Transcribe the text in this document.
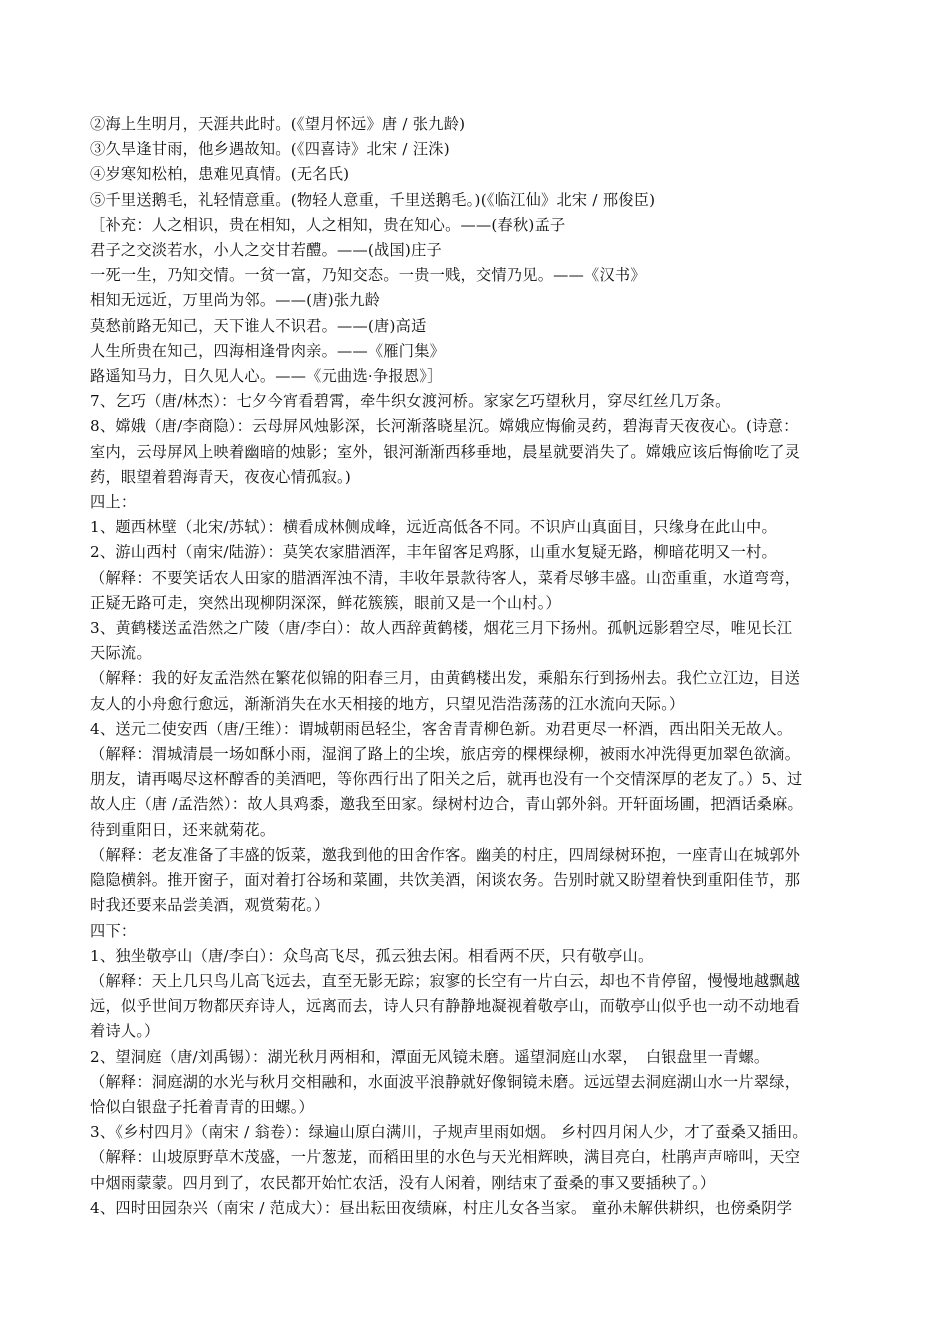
②海上生明月，天涯共此时。(《望月怀远》唐 / 张九龄)
③久旱逢甘雨，他乡遇故知。(《四喜诗》北宋 / 汪洙)
④岁寒知松柏，患难见真情。(无名氏)
⑤千里送鹅毛，礼轻情意重。(物轻人意重，千里送鹅毛。)(《临江仙》北宋 / 邢俊臣)
［补充：人之相识，贵在相知，人之相知，贵在知心。——(春秋)孟子
君子之交淡若水，小人之交甘若醴。——(战国)庄子
一死一生，乃知交情。一贫一富，乃知交态。一贵一贱，交情乃见。——《汉书》
相知无远近，万里尚为邻。——(唐)张九龄
莫愁前路无知己，天下谁人不识君。——(唐)高适
人生所贵在知己，四海相逢骨肉亲。——《雁门集》
路遥知马力，日久见人心。——《元曲选·争报恩》］
7、乞巧（唐/林杰）：七夕今宵看碧霄，牵牛织女渡河桥。家家乞巧望秋月，穿尽红丝几万条。
8、嫦娥（唐/李商隐）：云母屏风烛影深，长河渐落晓星沉。嫦娥应悔偷灵药，碧海青天夜夜心。(诗意：
室内，云母屏风上映着幽暗的烛影；室外，银河渐渐西移垂地，晨星就要消失了。嫦娥应该后悔偷吃了灵
药，眼望着碧海青天，夜夜心情孤寂。)
四上：
1、题西林壁（北宋/苏轼）：横看成林侧成峰，远近高低各不同。不识庐山真面目，只缘身在此山中。
2、游山西村（南宋/陆游）：莫笑农家腊酒浑，丰年留客足鸡豚，山重水复疑无路，柳暗花明又一村。
（解释：不要笑话农人田家的腊酒浑浊不清，丰收年景款待客人，菜肴尽够丰盛。山峦重重，水道弯弯，
正疑无路可走，突然出现柳阴深深，鲜花簇簇，眼前又是一个山村。）
3、黄鹤楼送孟浩然之广陵（唐/李白）：故人西辞黄鹤楼，烟花三月下扬州。孤帆远影碧空尽，唯见长江
天际流。
（解释：我的好友孟浩然在繁花似锦的阳春三月，由黄鹤楼出发，乘船东行到扬州去。我伫立江边，目送
友人的小舟愈行愈远，渐渐消失在水天相接的地方，只望见浩浩荡荡的江水流向天际。）
4、送元二使安西（唐/王维）：谓城朝雨邑轻尘，客舍青青柳色新。劝君更尽一杯酒，西出阳关无故人。
（解释：渭城清晨一场如酥小雨，湿润了路上的尘埃，旅店旁的棵棵绿柳，被雨水冲洗得更加翠色欲滴。
朋友，请再喝尽这杯醇香的美酒吧，等你西行出了阳关之后，就再也没有一个交情深厚的老友了。）5、过
故人庄（唐 /孟浩然）：故人具鸡黍，邀我至田家。绿树村边合，青山郭外斜。开轩面场圃，把酒话桑麻。
待到重阳日，还来就菊花。
（解释：老友准备了丰盛的饭菜，邀我到他的田舍作客。幽美的村庄，四周绿树环抱，一座青山在城郭外
隐隐横斜。推开窗子，面对着打谷场和菜圃，共饮美酒，闲谈农务。告别时就又盼望着快到重阳佳节，那
时我还要来品尝美酒，观赏菊花。）
四下：
1、独坐敬亭山（唐/李白）：众鸟高飞尽，孤云独去闲。相看两不厌，只有敬亭山。
（解释：天上几只鸟儿高飞远去，直至无影无踪；寂寥的长空有一片白云，却也不肯停留，慢慢地越飘越
远，似乎世间万物都厌弃诗人，远离而去，诗人只有静静地凝视着敬亭山，而敬亭山似乎也一动不动地看
着诗人。）
2、望洞庭（唐/刘禹锡）：湖光秋月两相和，潭面无风镜未磨。遥望洞庭山水翠，　白银盘里一青螺。
（解释：洞庭湖的水光与秋月交相融和，水面波平浪静就好像铜镜未磨。远远望去洞庭湖山水一片翠绿，
恰似白银盘子托着青青的田螺。）
3、《乡村四月》（南宋 / 翁卷）：绿遍山原白满川，子规声里雨如烟。 乡村四月闲人少，才了蚕桑又插田。
（解释：山坡原野草木茂盛，一片葱茏，而稻田里的水色与天光相辉映，满目亮白，杜鹃声声啼叫，天空
中烟雨蒙蒙。四月到了，农民都开始忙农活，没有人闲着，刚结束了蚕桑的事又要插秧了。）
4、四时田园杂兴（南宋 / 范成大）：昼出耘田夜绩麻，村庄儿女各当家。 童孙未解供耕织，也傍桑阴学
